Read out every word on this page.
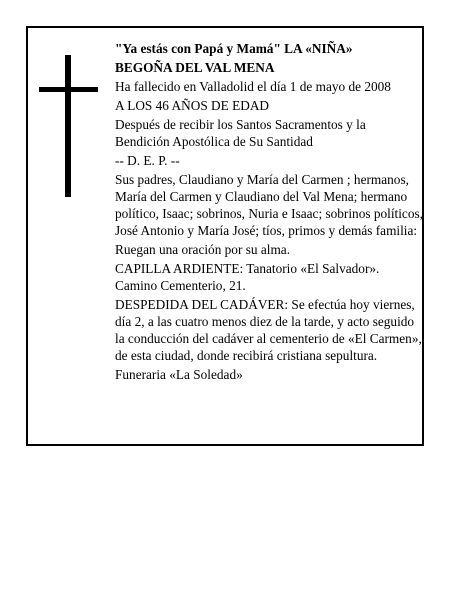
"Ya estás con Papá y Mamá" LA «NIÑA»

BEGOÑA DEL VAL MENA

Ha fallecido en Valladolid el día 1 de mayo de 2008

A LOS 46 AÑOS DE EDAD

Después de recibir los Santos Sacramentos y la Bendición Apostólica de Su Santidad

-- D. E. P. --

Sus padres, Claudiano y María del Carmen ; hermanos, María del Carmen y Claudiano del Val Mena; hermano político, Isaac; sobrinos, Nuria e Isaac; sobrinos políticos, José Antonio y María José; tíos, primos y demás familia:

Ruegan una oración por su alma.

CAPILLA ARDIENTE: Tanatorio «El Salvador». Camino Cementerio, 21.

DESPEDIDA DEL CADÁVER: Se efectúa hoy viernes, día 2, a las cuatro menos diez de la tarde, y acto seguido la conducción del cadáver al cementerio de «El Carmen», de esta ciudad, donde recibirá cristiana sepultura.

Funeraria «La Soledad»
